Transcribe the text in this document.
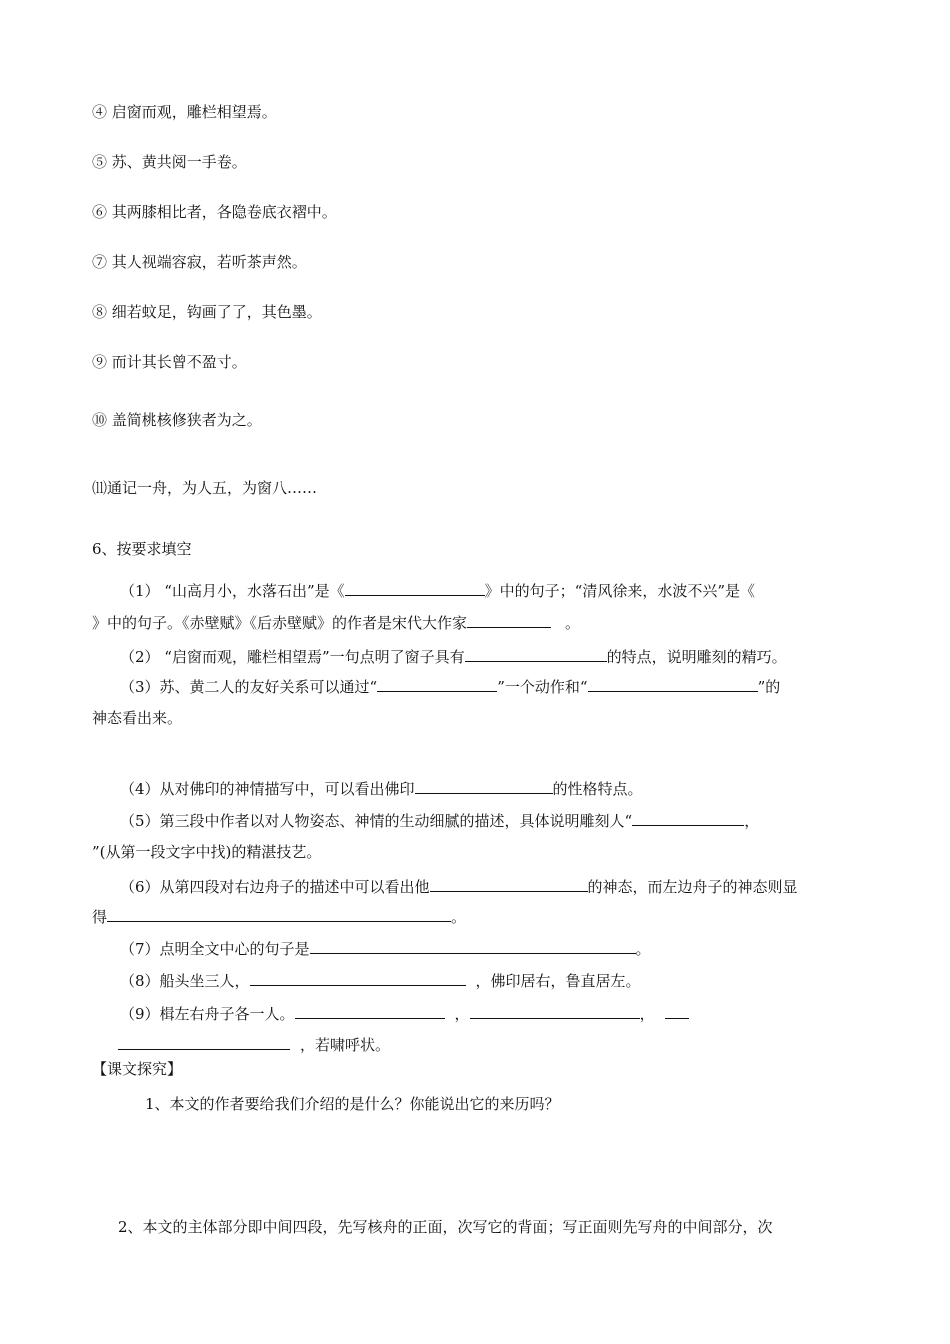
④ 启窗而观，雕栏相望焉。
⑤ 苏、黄共阅一手卷。
⑥ 其两膝相比者，各隐卷底衣褶中。
⑦ 其人视端容寂，若听茶声然。
⑧ 细若蚊足，钩画了了，其色墨。
⑨ 而计其长曾不盈寸。
⑩ 盖简桃核修狭者为之。
⑾通记一舟，为人五，为窗八……
6、按要求填空
（1） “山高月小，水落石出”是《	》中的句子；“清风徐来，水波不兴”是《
》中的句子。《赤壁赋》《后赤壁赋》的作者是宋代大作家	。
（2） “启窗而观，雕栏相望焉”一句点明了窗子具有	的特点，说明雕刻的精巧。
（3）苏、黄二人的友好关系可以通过“	”一个动作和“	”的
神态看出来。
（4）从对佛印的神情描写中，可以看出佛印	的性格特点。
（5）第三段中作者以对人物姿态、神情的生动细腻的描述，具体说明雕刻人“	，
”(从第一段文字中找)的精湛技艺。
（6）从第四段对右边舟子的描述中可以看出他	的神态，而左边舟子的神态则显
得	。
（7）点明全文中心的句子是	。
（8）船头坐三人，	，佛印居右，鲁直居左。
（9）楫左右舟子各一人。	，	，
，若啸呼状。
【课文探究】
1、本文的作者要给我们介绍的是什么？你能说出它的来历吗？
2、本文的主体部分即中间四段，先写核舟的正面，次写它的背面；写正面则先写舟的中间部分，次
